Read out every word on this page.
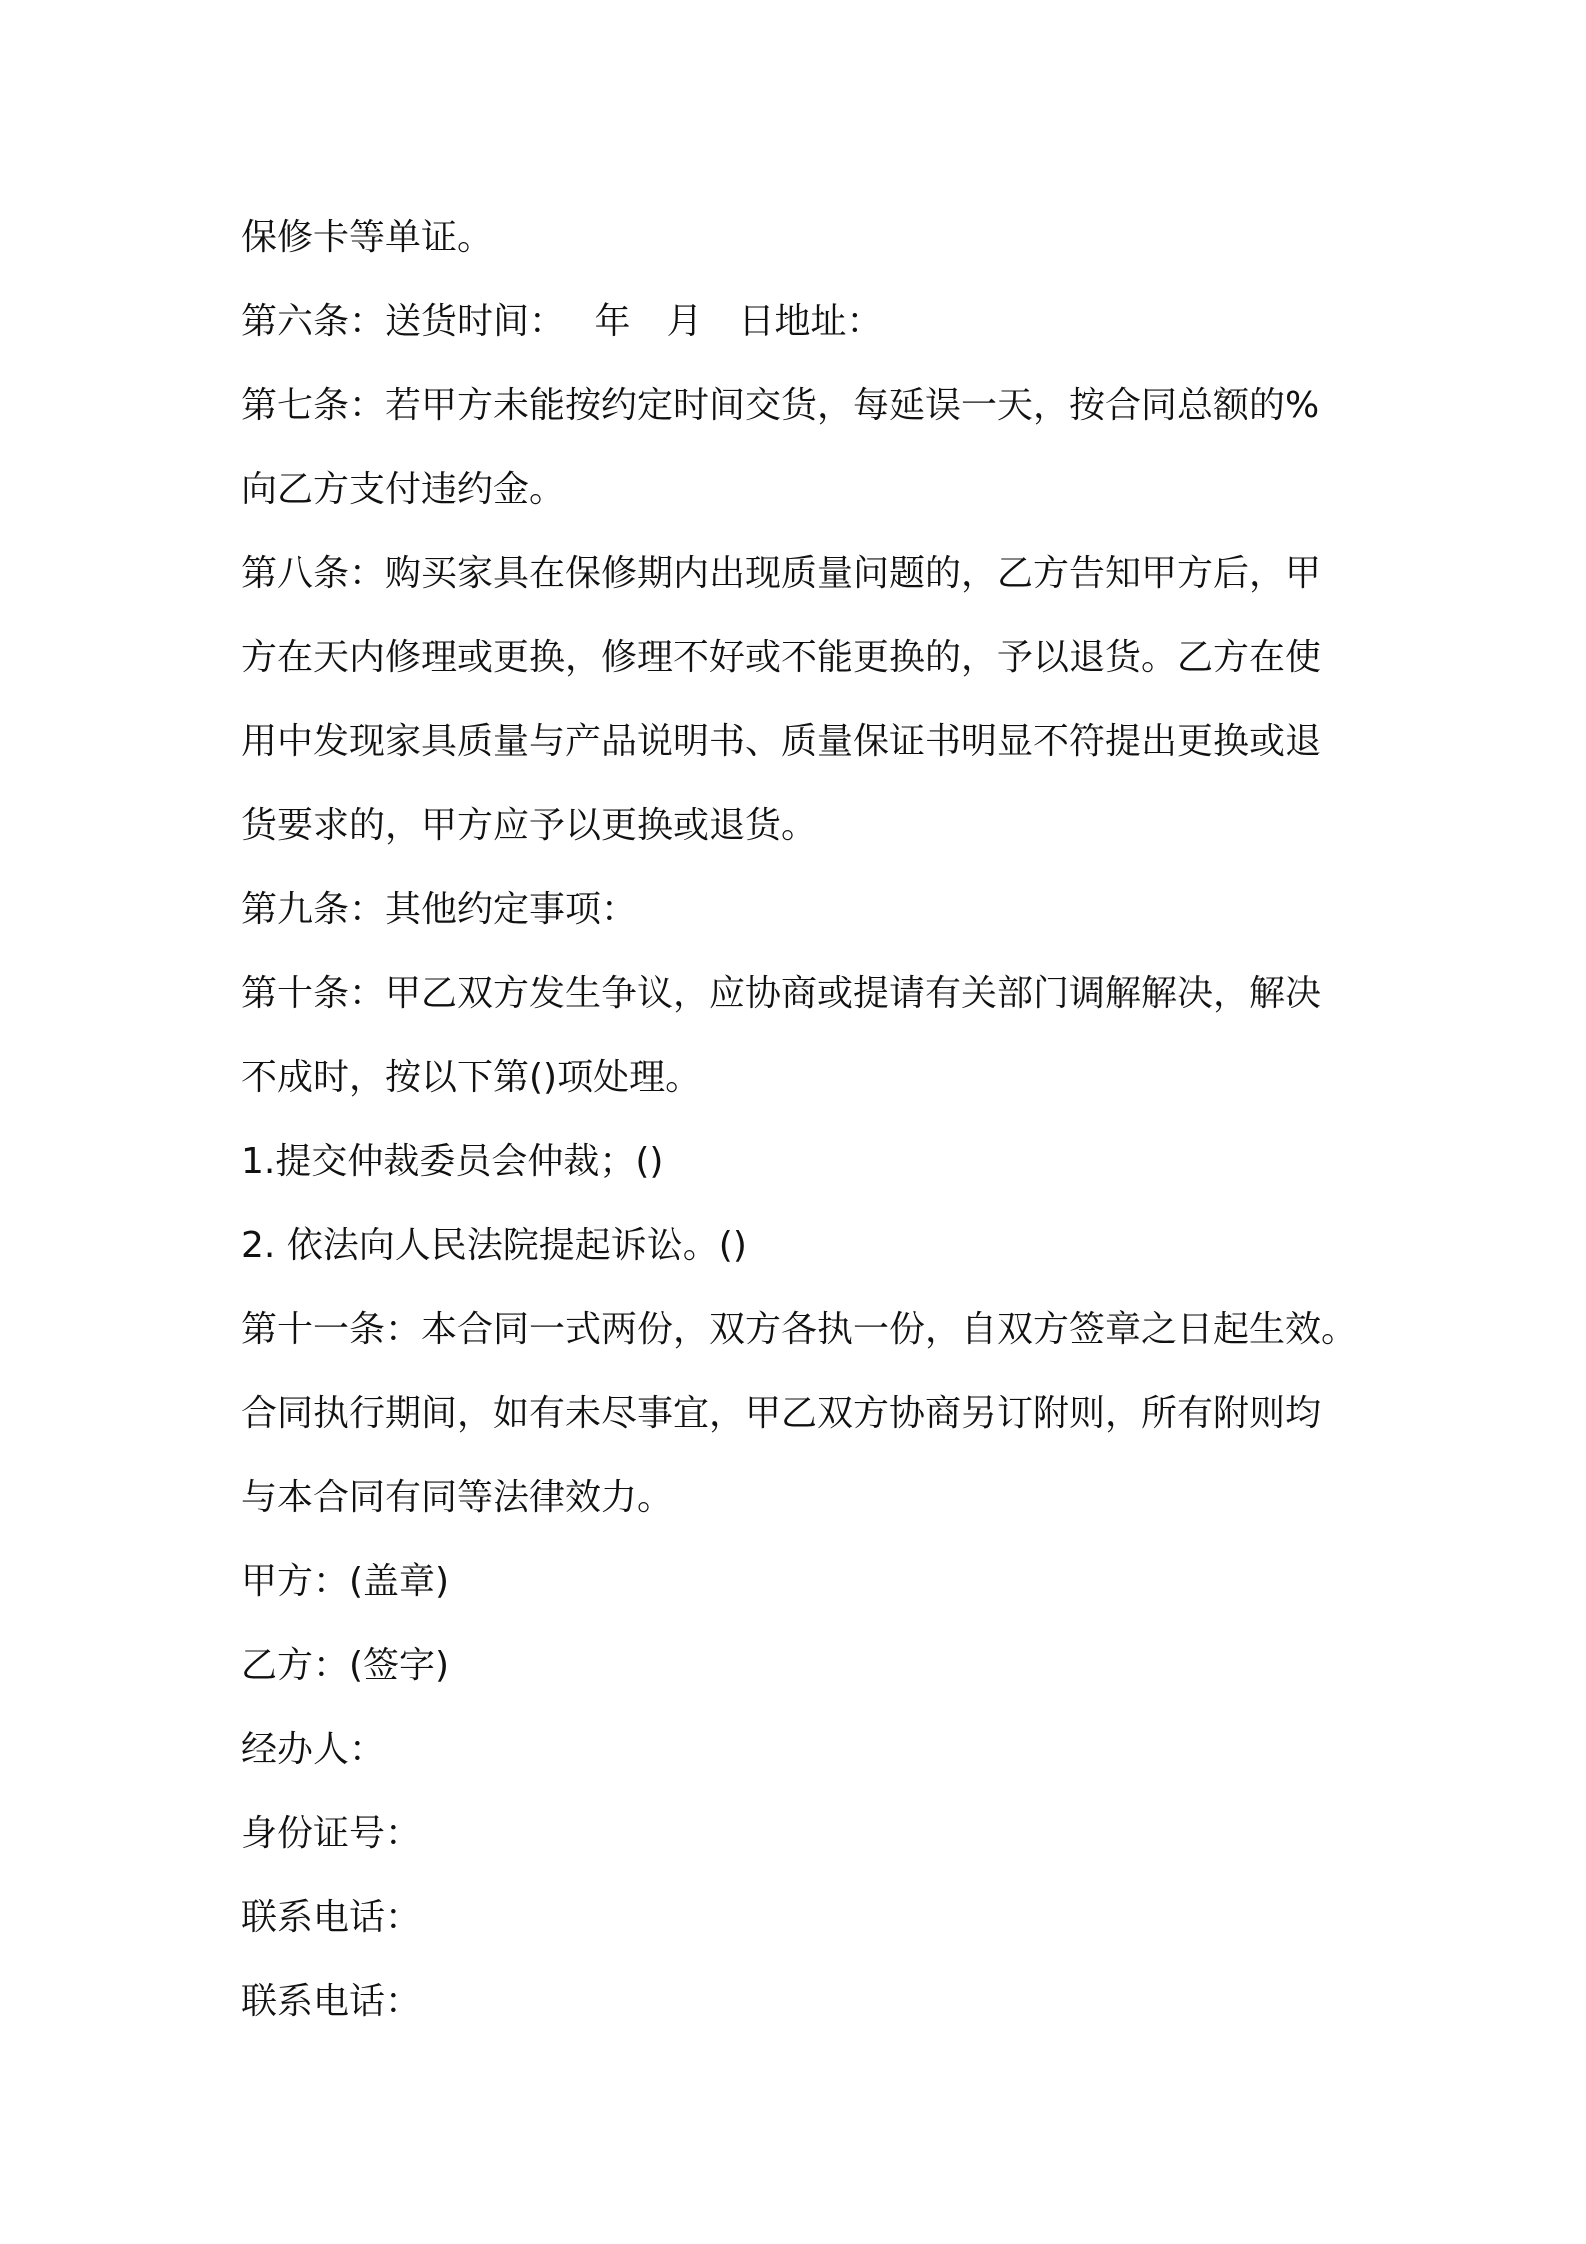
保修卡等单证。
第六条：送货时间：　 年　月　日地址：
第七条：若甲方未能按约定时间交货，每延误一天，按合同总额的%
向乙方支付违约金。
第八条：购买家具在保修期内出现质量问题的，乙方告知甲方后，甲
方在天内修理或更换，修理不好或不能更换的，予以退货。乙方在使
用中发现家具质量与产品说明书、质量保证书明显不符提出更换或退
货要求的，甲方应予以更换或退货。
第九条：其他约定事项：
第十条：甲乙双方发生争议，应协商或提请有关部门调解解决，解决
不成时，按以下第()项处理。
1.提交仲裁委员会仲裁；()
2. 依法向人民法院提起诉讼。()
第十一条：本合同一式两份，双方各执一份，自双方签章之日起生效。
合同执行期间，如有未尽事宜，甲乙双方协商另订附则，所有附则均
与本合同有同等法律效力。
甲方：(盖章)
乙方：(签字)
经办人：
身份证号：
联系电话：
联系电话：
